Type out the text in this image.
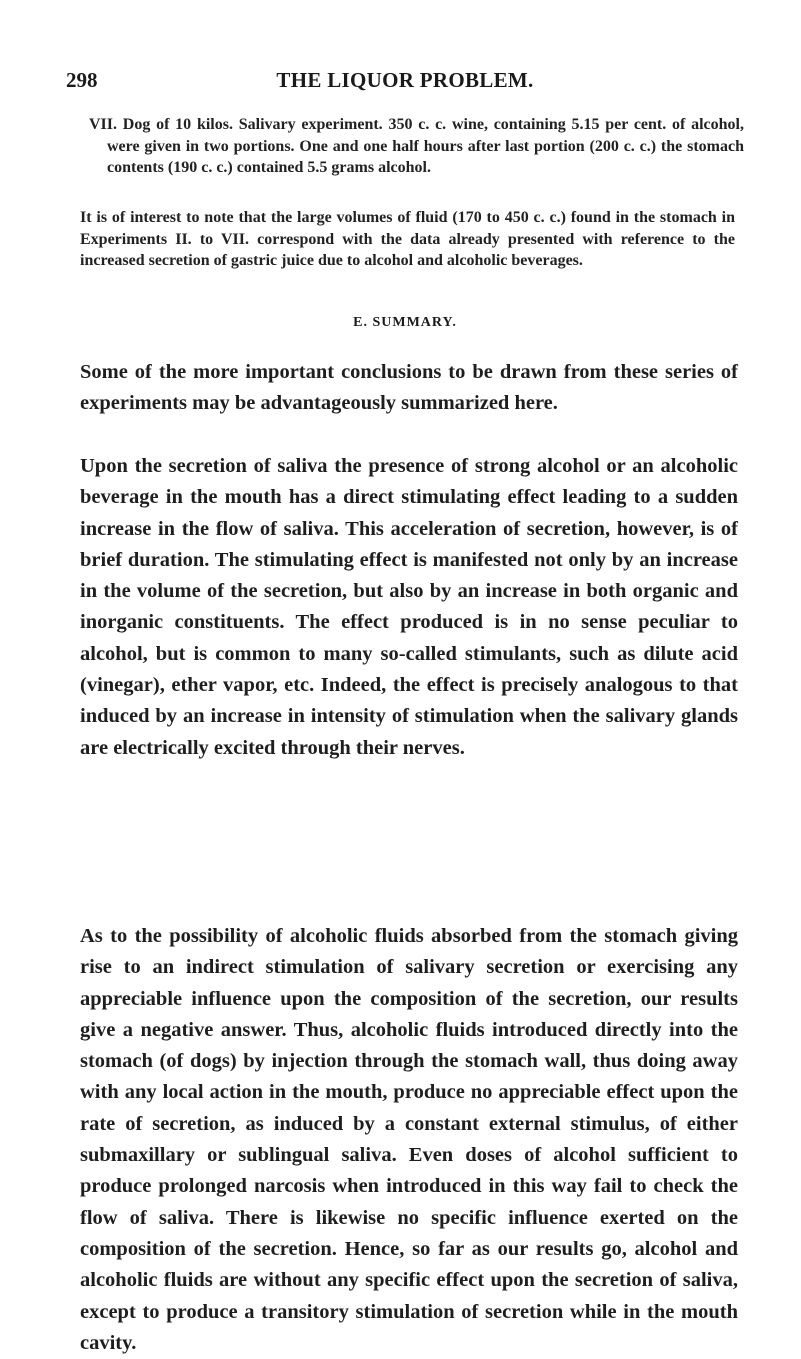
298	THE LIQUOR PROBLEM.
VII. Dog of 10 kilos. Salivary experiment. 350 c. c. wine, containing 5.15 per cent. of alcohol, were given in two portions. One and one half hours after last portion (200 c. c.) the stomach contents (190 c. c.) contained 5.5 grams alcohol.
It is of interest to note that the large volumes of fluid (170 to 450 c. c.) found in the stomach in Experiments II. to VII. correspond with the data already presented with reference to the increased secretion of gastric juice due to alcohol and alcoholic beverages.
E. SUMMARY.
Some of the more important conclusions to be drawn from these series of experiments may be advantageously summarized here.
Upon the secretion of saliva the presence of strong alcohol or an alcoholic beverage in the mouth has a direct stimulating effect leading to a sudden increase in the flow of saliva. This acceleration of secretion, however, is of brief duration. The stimulating effect is manifested not only by an increase in the volume of the secretion, but also by an increase in both organic and inorganic constituents. The effect produced is in no sense peculiar to alcohol, but is common to many so-called stimulants, such as dilute acid (vinegar), ether vapor, etc. Indeed, the effect is precisely analogous to that induced by an increase in intensity of stimulation when the salivary glands are electrically excited through their nerves.
As to the possibility of alcoholic fluids absorbed from the stomach giving rise to an indirect stimulation of salivary secretion or exercising any appreciable influence upon the composition of the secretion, our results give a negative answer. Thus, alcoholic fluids introduced directly into the stomach (of dogs) by injection through the stomach wall, thus doing away with any local action in the mouth, produce no appreciable effect upon the rate of secretion, as induced by a constant external stimulus, of either submaxillary or sublingual saliva. Even doses of alcohol sufficient to produce prolonged narcosis when introduced in this way fail to check the flow of saliva. There is likewise no specific influence exerted on the composition of the secretion. Hence, so far as our results go, alcohol and alcoholic fluids are without any specific effect upon the secretion of saliva, except to produce a transitory stimulation of secretion while in the mouth cavity.
